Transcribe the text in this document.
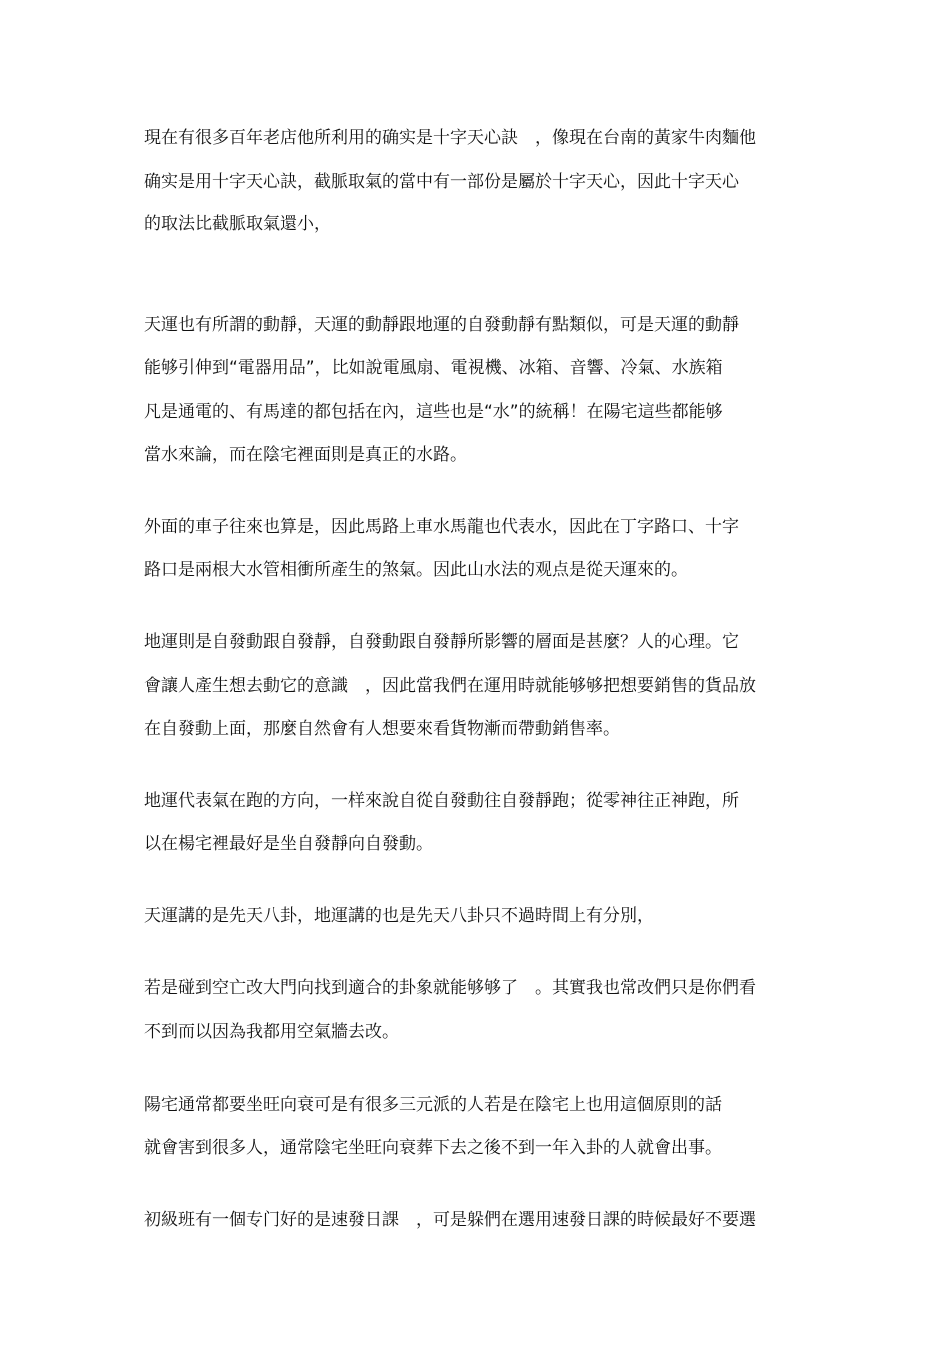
現在有很多百年老店他所利用的确实是十字天心訣　，像現在台南的黃家牛肉麵他
确实是用十字天心訣，截脈取氣的當中有一部份是屬於十字天心，因此十字天心
的取法比截脈取氣還小，
天運也有所謂的動靜，天運的動靜跟地運的自發動靜有點類似，可是天運的動靜
能够引伸到“電器用品”，比如說電風扇、電視機、冰箱、音響、冷氣、水族箱
凡是通電的、有馬達的都包括在內，這些也是“水”的統稱！在陽宅這些都能够
當水來論，而在陰宅裡面則是真正的水路。
外面的車子往來也算是，因此馬路上車水馬龍也代表水，因此在丁字路口、十字
路口是兩根大水管相衝所產生的煞氣。因此山水法的观点是從天運來的。
地運則是自發動跟自發靜，自發動跟自發靜所影響的層面是甚麼？人的心理。它
會讓人產生想去動它的意識　，因此當我們在運用時就能够够把想要銷售的貨品放
在自發動上面，那麼自然會有人想要來看貨物漸而帶動銷售率。
地運代表氣在跑的方向，一样來說自從自發動往自發靜跑；從零神往正神跑，所
以在楊宅裡最好是坐自發靜向自發動。
天運講的是先天八卦，地運講的也是先天八卦只不過時間上有分別，
若是碰到空亡改大門向找到適合的卦象就能够够了　。其實我也常改們只是你們看
不到而以因為我都用空氣牆去改。
陽宅通常都要坐旺向衰可是有很多三元派的人若是在陰宅上也用這個原則的話
就會害到很多人，通常陰宅坐旺向衰葬下去之後不到一年入卦的人就會出事。
初級班有一個专门好的是速發日課　，可是躲們在選用速發日課的時候最好不要選
